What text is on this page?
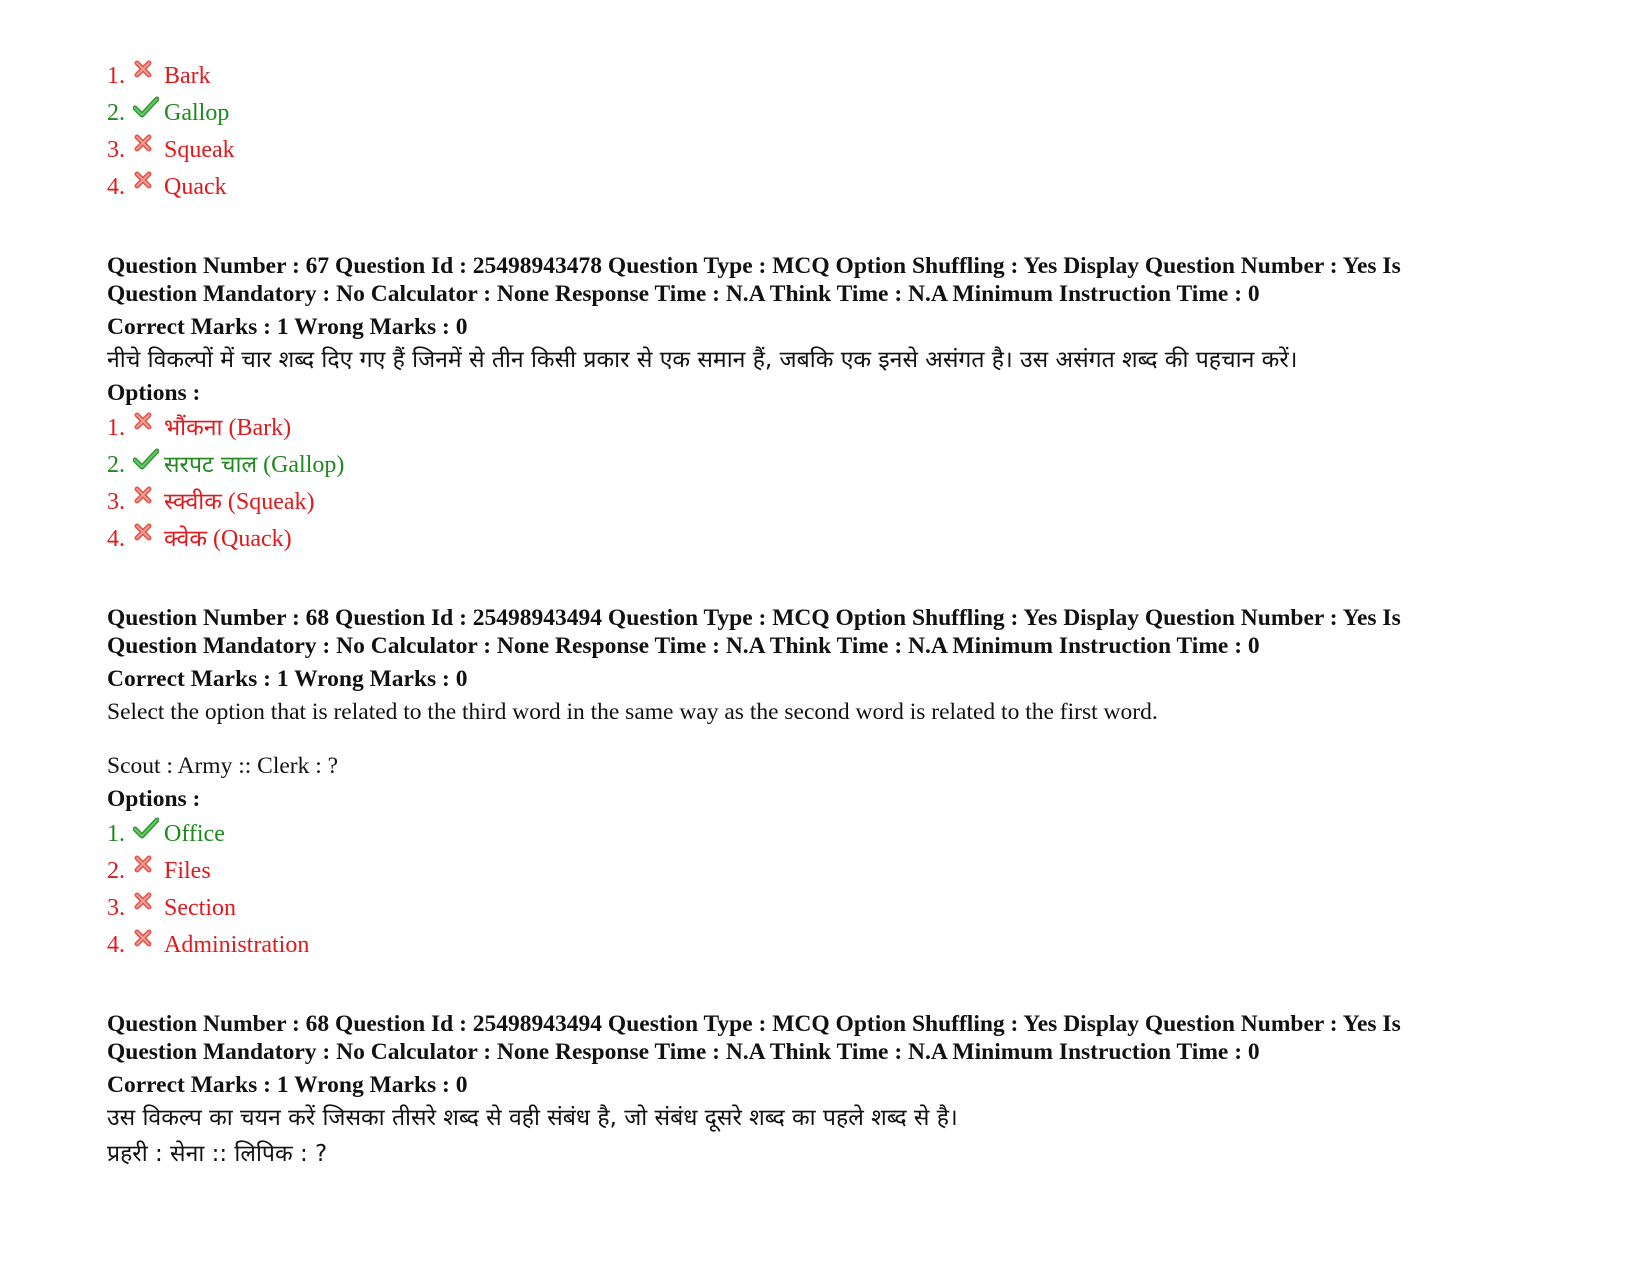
1.	Bark
2.	Gallop
3.	Squeak
4.	Quack
Question Number : 67 Question Id : 25498943478 Question Type : MCQ Option Shuffling : Yes Display Question Number : Yes Is
Question Mandatory : No Calculator : None Response Time : N.A Think Time : N.A Minimum Instruction Time : 0
Correct Marks : 1 Wrong Marks : 0
नीचे विकल्पों में चार शब्द दिए गए हैं जिनमें से तीन किसी प्रकार से एक समान हैं, जबकि एक इनसे असंगत है। उस असंगत शब्द की पहचान करें।
Options :
1.	भौंकना
(Bark)
2.	सरपट चाल
(Gallop)
3.	स्क्वीक
(Squeak)
4.	क्वेक
(Quack)
Question Number : 68 Question Id : 25498943494 Question Type : MCQ Option Shuffling : Yes Display Question Number : Yes Is
Question Mandatory : No Calculator : None Response Time : N.A Think Time : N.A Minimum Instruction Time : 0
Correct Marks : 1 Wrong Marks : 0
Select the option that is related to the third word in the same way as the second word is related to the first word.
Scout : Army :: Clerk : ?
Options :
1.	Office
2.	Files
3.	Section
4.	Administration
Question Number : 68 Question Id : 25498943494 Question Type : MCQ Option Shuffling : Yes Display Question Number : Yes Is
Question Mandatory : No Calculator : None Response Time : N.A Think Time : N.A Minimum Instruction Time : 0
Correct Marks : 1 Wrong Marks : 0
उस विकल्प का चयन करें जिसका तीसरे शब्द से वही संबंध है, जो संबंध दूसरे शब्द का पहले शब्द से है।
प्रहरी : सेना :: लिपिक : ?
